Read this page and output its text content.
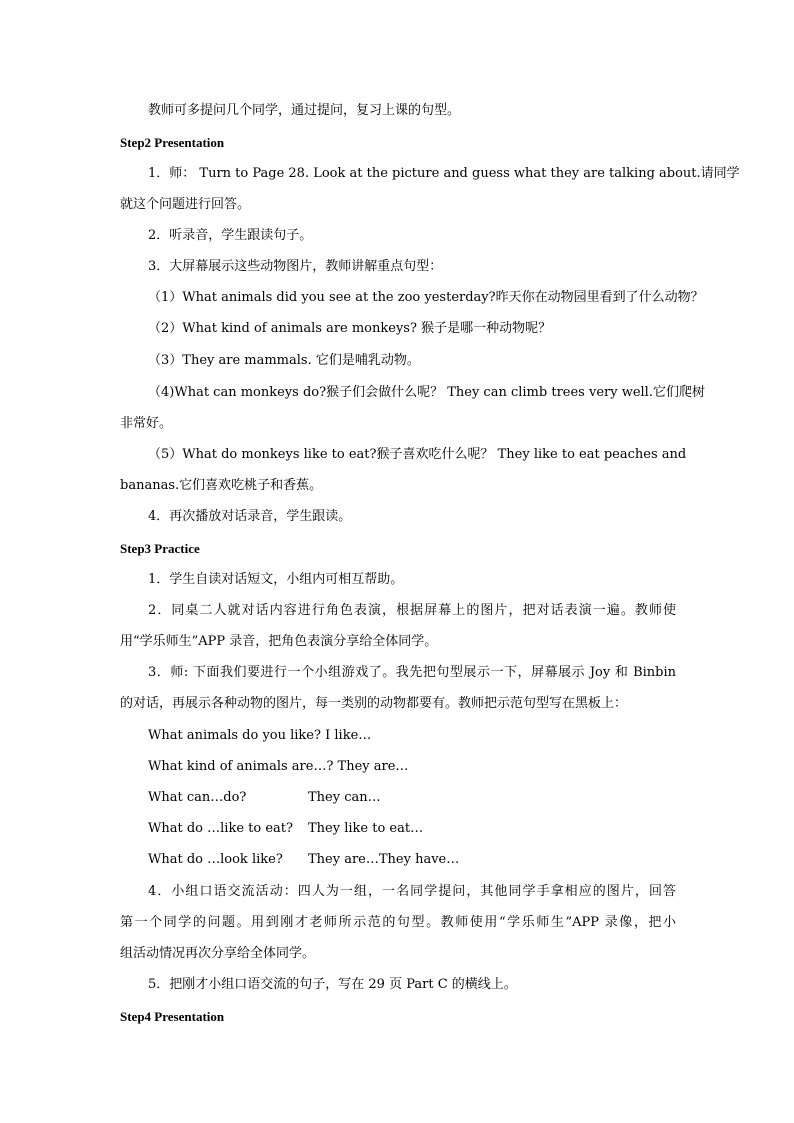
教师可多提问几个同学，通过提问，复习上课的句型。
Step2 Presentation
1．师： Turn to Page 28. Look at the picture and guess what they are talking about.请同学
就这个问题进行回答。
2．听录音，学生跟读句子。
3．大屏幕展示这些动物图片，教师讲解重点句型：
（1）What animals did you see at the zoo yesterday?昨天你在动物园里看到了什么动物？
（2）What kind of animals are monkeys? 猴子是哪一种动物呢？
（3）They are mammals. 它们是哺乳动物。
（4)What can monkeys do?猴子们会做什么呢？ They can climb trees very well.它们爬树
非常好。
（5）What do monkeys like to eat?猴子喜欢吃什么呢？ They like to eat peaches and
bananas.它们喜欢吃桃子和香蕉。
4．再次播放对话录音，学生跟读。
Step3 Practice
1．学生自读对话短文，小组内可相互帮助。
2．同桌二人就对话内容进行角色表演，根据屏幕上的图片，把对话表演一遍。教师使
用“学乐师生”APP 录音，把角色表演分享给全体同学。
3．师: 下面我们要进行一个小组游戏了。我先把句型展示一下，屏幕展示 Joy 和 Binbin
的对话，再展示各种动物的图片，每一类别的动物都要有。教师把示范句型写在黑板上：
What animals do you like? I like…
What kind of animals are…? They are…
What can…do?	They can…
What do …like to eat? They like to eat…
What do …look like? They are…They have…
4．小组口语交流活动：四人为一组，一名同学提问，其他同学手拿相应的图片，回答
第一个同学的问题。用到刚才老师所示范的句型。教师使用“学乐师生”APP 录像，把小
组活动情况再次分享给全体同学。
5．把刚才小组口语交流的句子，写在 29 页 Part C 的横线上。
Step4 Presentation
